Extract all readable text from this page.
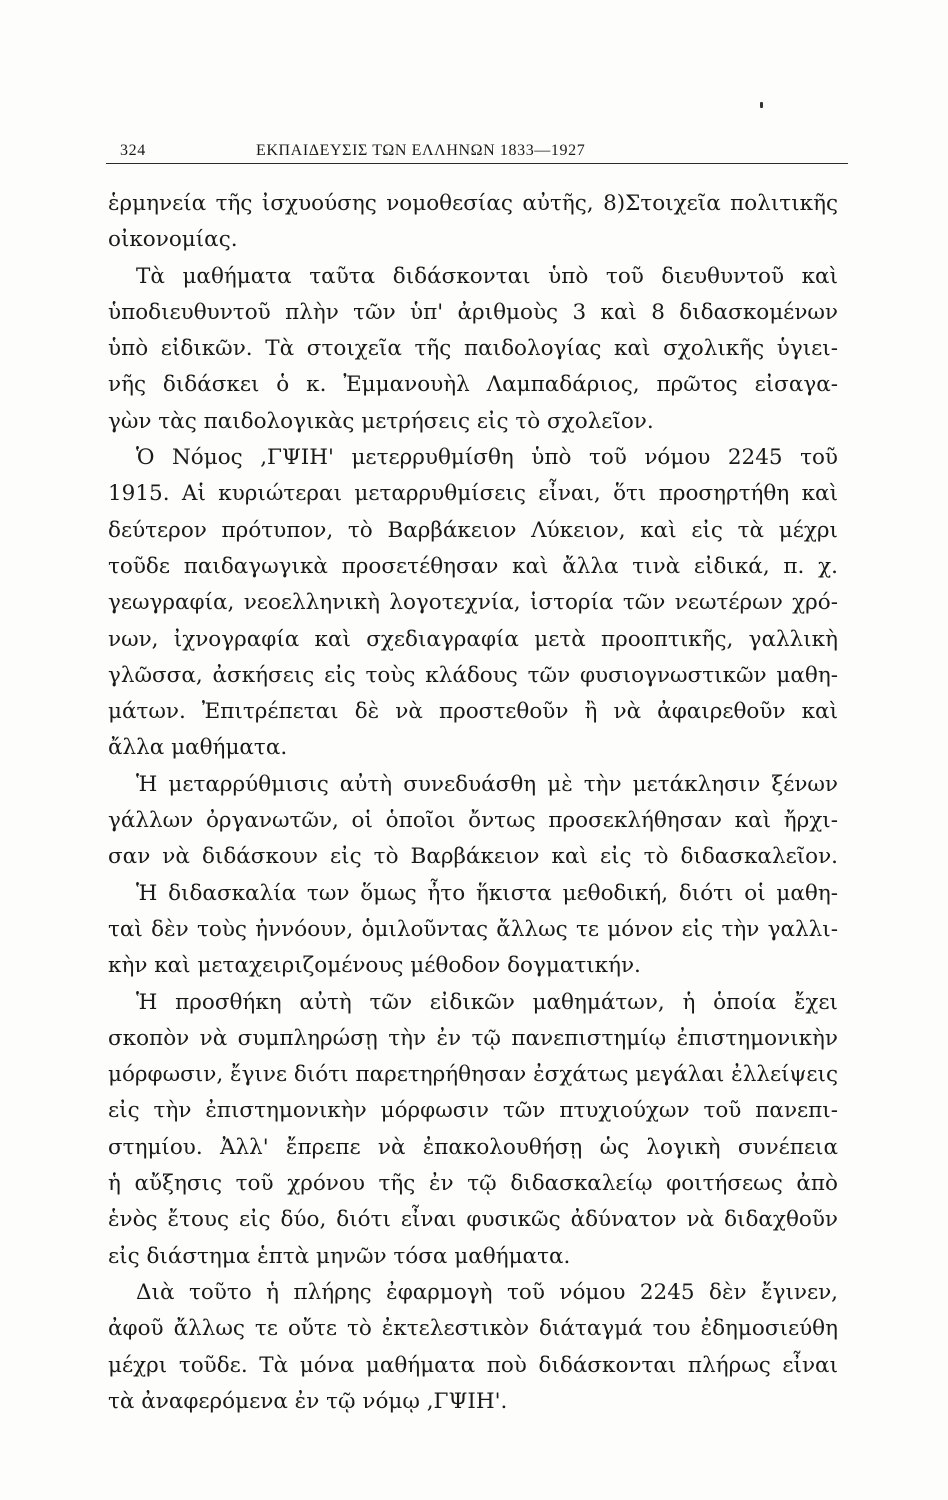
324	ΕΚΠΑΙΔΕΥΣΙΣ ΤΩΝ ΕΛΛΗΝΩΝ 1833—1927
ἑρμηνεία τῆς ἰσχυούσης νομοθεσίας αὐτῆς, 8)Στοιχεῖα πολιτικῆς
οἰκονομίας.
Τὰ μαθήματα ταῦτα διδάσκονται ὑπὸ τοῦ διευθυντοῦ καὶ
ὑποδιευθυντοῦ πλὴν τῶν ὑπ' ἀριθμοὺς 3 καὶ 8 διδασκομένων
ὑπὸ εἰδικῶν. Τὰ στοιχεῖα τῆς παιδολογίας καὶ σχολικῆς ὑγιει-
νῆς διδάσκει ὁ κ. Ἐμμανουὴλ Λαμπαδάριος, πρῶτος εἰσαγα-
γὼν τὰς παιδολογικὰς μετρήσεις εἰς τὸ σχολεῖον.
Ὁ Νόμος ,ΓΨΙΗ' μετερρυθμίσθη ὑπὸ τοῦ νόμου 2245 τοῦ
1915. Αἱ κυριώτεραι μεταρρυθμίσεις εἶναι, ὅτι προσηρτήθη καὶ
δεύτερον πρότυπον, τὸ Βαρβάκειον Λύκειον, καὶ εἰς τὰ μέχρι
τοῦδε παιδαγωγικὰ προσετέθησαν καὶ ἄλλα τινὰ εἰδικά, π. χ.
γεωγραφία, νεοελληνικὴ λογοτεχνία, ἱστορία τῶν νεωτέρων χρό-
νων, ἰχνογραφία καὶ σχεδιαγραφία μετὰ προοπτικῆς, γαλλικὴ
γλῶσσα, ἀσκήσεις εἰς τοὺς κλάδους τῶν φυσιογνωστικῶν μαθη-
μάτων. Ἐπιτρέπεται δὲ νὰ προστεθοῦν ἢ νὰ ἀφαιρεθοῦν καὶ
ἄλλα μαθήματα.
Ἡ μεταρρύθμισις αὐτὴ συνεδυάσθη μὲ τὴν μετάκλησιν ξένων
γάλλων ὀργανωτῶν, οἱ ὁποῖοι ὄντως προσεκλήθησαν καὶ ἤρχι-
σαν νὰ διδάσκουν εἰς τὸ Βαρβάκειον καὶ εἰς τὸ διδασκαλεῖον.
Ἡ διδασκαλία των ὅμως ἦτο ἥκιστα μεθοδική, διότι οἱ μαθη-
ταὶ δὲν τοὺς ἠννόουν, ὁμιλοῦντας ἄλλως τε μόνον εἰς τὴν γαλλι-
κὴν καὶ μεταχειριζομένους μέθοδον δογματικήν.
Ἡ προσθήκη αὐτὴ τῶν εἰδικῶν μαθημάτων, ἡ ὁποία ἔχει
σκοπὸν νὰ συμπληρώσῃ τὴν ἐν τῷ πανεπιστημίῳ ἐπιστημονικὴν
μόρφωσιν, ἔγινε διότι παρετηρήθησαν ἐσχάτως μεγάλαι ἐλλείψεις
εἰς τὴν ἐπιστημονικὴν μόρφωσιν τῶν πτυχιούχων τοῦ πανεπι-
στημίου. Ἀλλ' ἔπρεπε νὰ ἐπακολουθήσῃ ὡς λογικὴ συνέπεια
ἡ αὔξησις τοῦ χρόνου τῆς ἐν τῷ διδασκαλείῳ φοιτήσεως ἀπὸ
ἑνὸς ἔτους εἰς δύο, διότι εἶναι φυσικῶς ἀδύνατον νὰ διδαχθοῦν
εἰς διάστημα ἑπτὰ μηνῶν τόσα μαθήματα.
Διὰ τοῦτο ἡ πλήρης ἐφαρμογὴ τοῦ νόμου 2245 δὲν ἔγινεν,
ἀφοῦ ἄλλως τε οὔτε τὸ ἐκτελεστικὸν διάταγμά του ἐδημοσιεύθη
μέχρι τοῦδε. Τὰ μόνα μαθήματα ποὺ διδάσκονται πλήρως εἶναι
τὰ ἀναφερόμενα ἐν τῷ νόμῳ ,ΓΨΙΗ'.
